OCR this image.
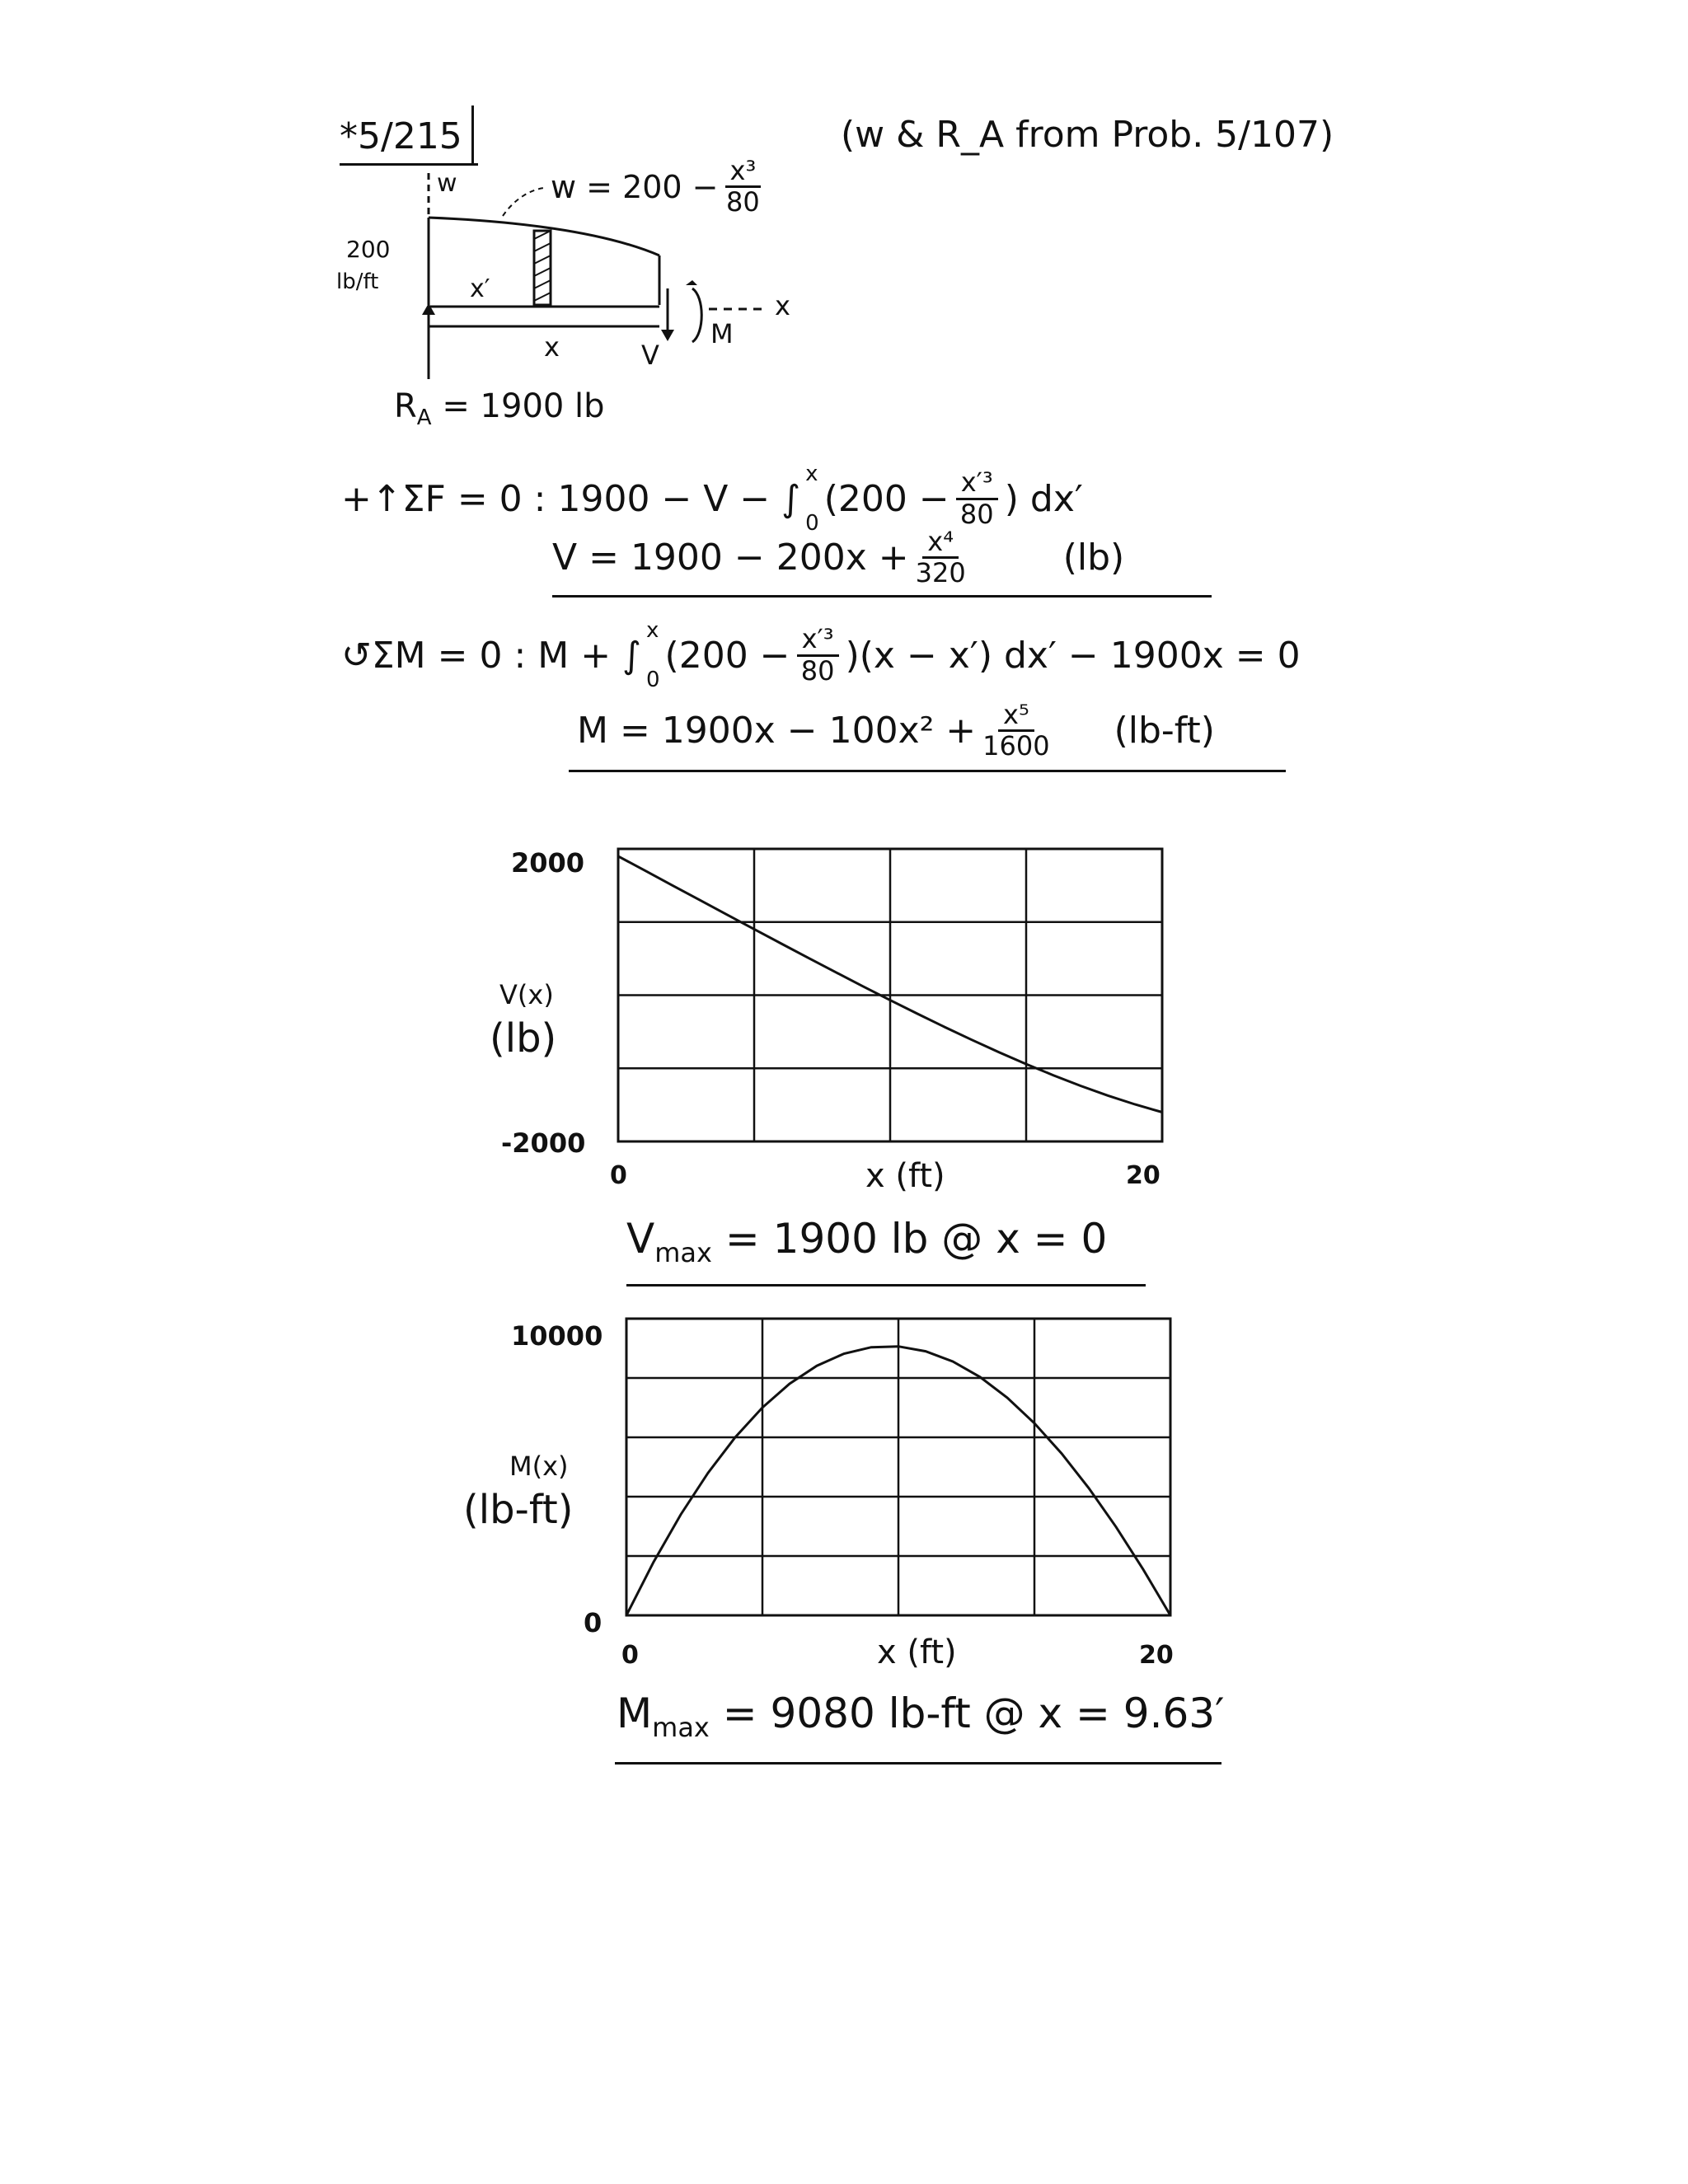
*5/215	(w & R_A from Prob. 5/107)
w
200
lb/ft	x′
x	V
M
x
$w = 200 - \frac{\text{x³}}{80}$
$R_A = 1900$ lb
+↑ΣF = 0 : 1900 − V − ∫
x
0
($200 - \frac{\text{x′³}}{80}$ ) dx′
$V = 1900 - 200x + \frac{\text{x⁴}}{320}$	(lb)
↺ΣM = 0 : M + ∫
x
0
$(200 - \frac{\text{x′³}}{80} )(x - x')$ dx′ − 1900x = 0
$M = 1900x - 100x^2 + \frac{\text{x⁵}}{1600} (lb-ft)$
2000
-2000
0	20
x (ft)
V(x)
(lb)
$V_{max} = 1900$ lb @ x = 0
10000
0
0	20
x (ft)
M(x)
(lb-ft)
$M_{max} = 9080$ lb-ft @ x = 9.63′
